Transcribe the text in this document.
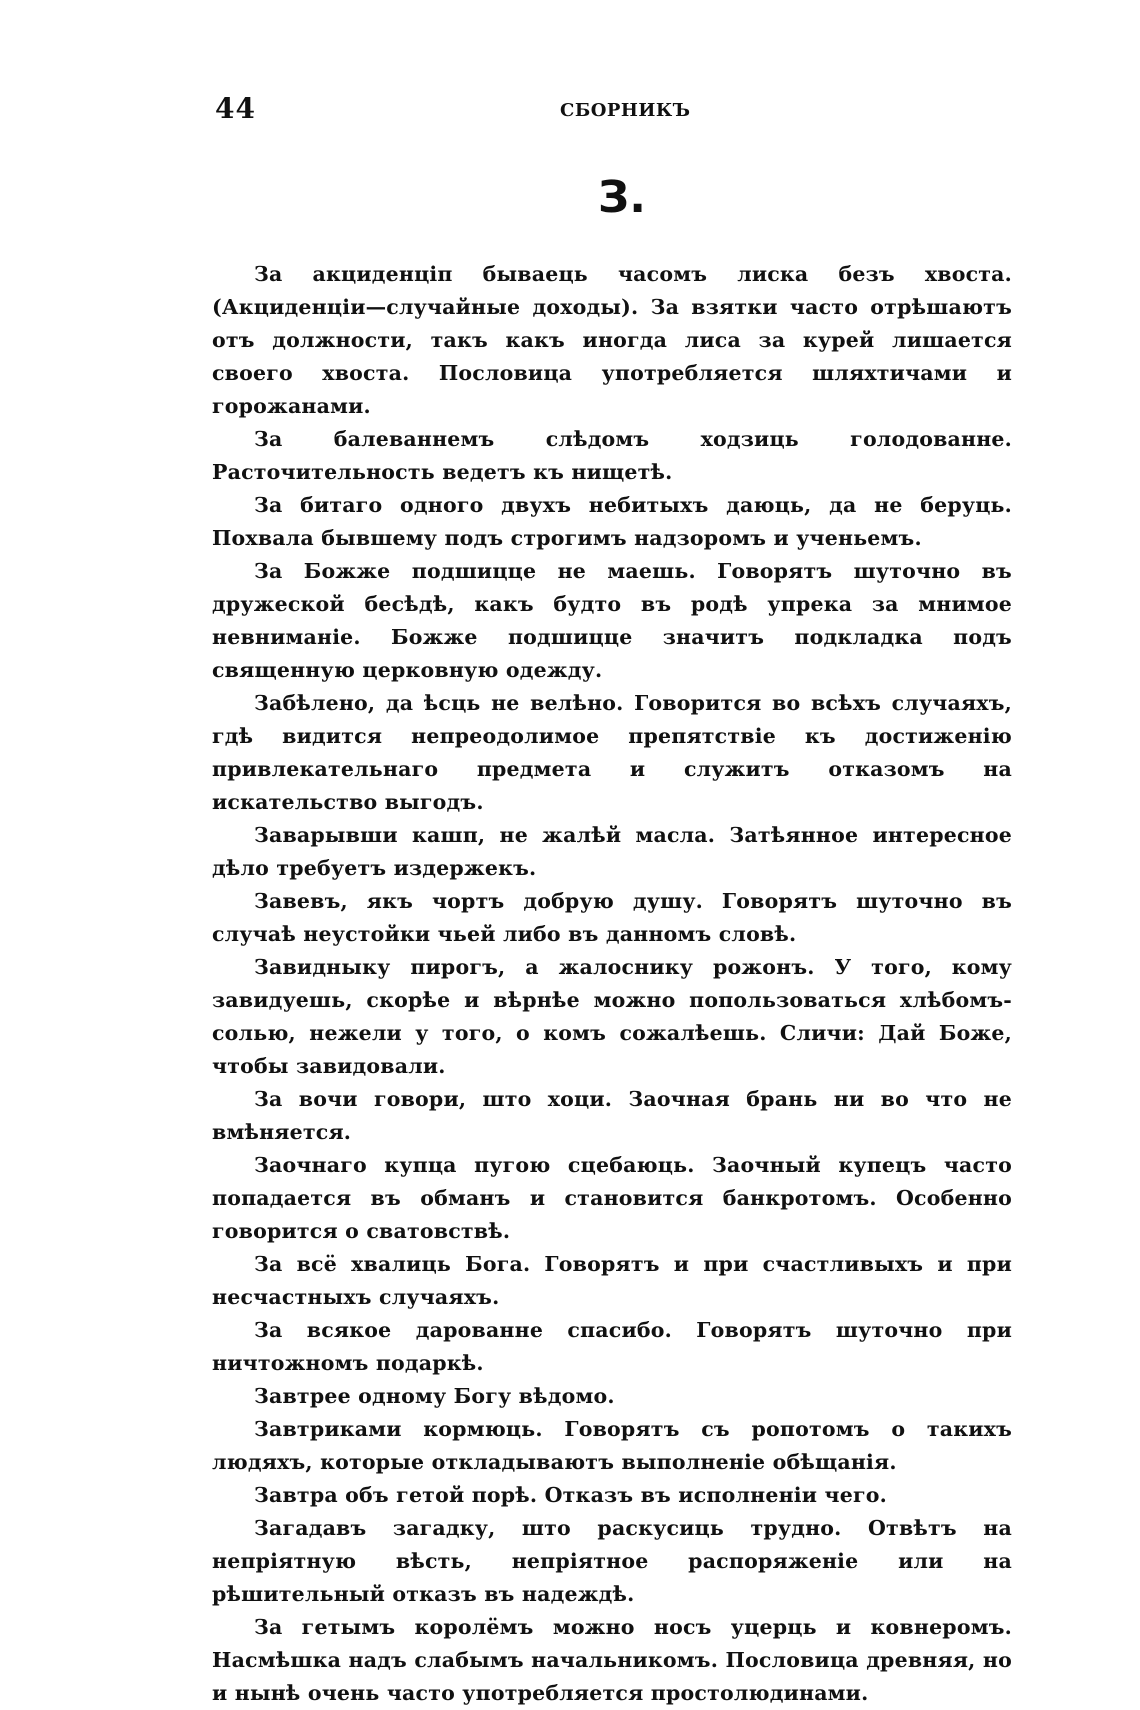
44	СБОРНИКЪ
З.

За акциденціп бываець часомъ лиска безъ хвоста. (Акциденціи—случайные доходы). За взятки часто отрѣшаютъ отъ должности, такъ какъ иногда лиса за курей лишается своего хвоста. Пословица употребляется шляхтичами и горожанами.

За балеваннемъ слѣдомъ ходзиць голодованне. Расточительность ведетъ къ нищетѣ.

За битаго одного двухъ небитыхъ даюць, да не беруць. Похвала бывшему подъ строгимъ надзоромъ и ученьемъ.

За Божже подшицце не маешь. Говорятъ шуточно въ дружеской бесѣдѣ, какъ будто въ родѣ упрека за мнимое невниманіе. Божже подшицце значитъ подкладка подъ священную церковную одежду.

Забѣлено, да ѣсць не велѣно. Говорится во всѣхъ случаяхъ, гдѣ видится непреодолимое препятствіе къ достиженію привлекательнаго предмета и служитъ отказомъ на искательство выгодъ.

Заварывши кашп, не жалѣй масла. Затѣянное интересное дѣло требуетъ издержекъ.

Завевъ, якъ чортъ добрую душу. Говорятъ шуточно въ случаѣ неустойки чьей либо въ данномъ словѣ.

Завидныку пирогъ, а жалоснику рожонъ. У того, кому завидуешь, скорѣе и вѣрнѣе можно попользоваться хлѣбомъ-солью, нежели у того, о комъ сожалѣешь. Сличи: Дай Боже, чтобы завидовали.

За вочи говори, што хоци. Заочная брань ни во что не вмѣняется.

Заочнаго купца пугою сцебаюць. Заочный купецъ часто попадается въ обманъ и становится банкротомъ. Особенно говорится о сватовствѣ.

За всё хвалиць Бога. Говорятъ и при счастливыхъ и при несчастныхъ случаяхъ.

За всякое дарованне спасибо. Говорятъ шуточно при ничтожномъ подаркѣ.

Завтрее одному Богу вѣдомо.

Завтриками кормюць. Говорятъ съ ропотомъ о такихъ людяхъ, которые откладываютъ выполненіе обѣщанія.

Завтра объ гетой порѣ. Отказъ въ исполненіи чего.

Загадавъ загадку, што раскусиць трудно. Отвѣтъ на непріятную вѣсть, непріятное распоряженіе или на рѣшительный отказъ въ надеждѣ.

За гетымъ королёмъ можно носъ уцерць и ковнеромъ. Насмѣшка надъ слабымъ начальникомъ. Пословица древняя, но и нынѣ очень часто употребляется простолюдинами.
